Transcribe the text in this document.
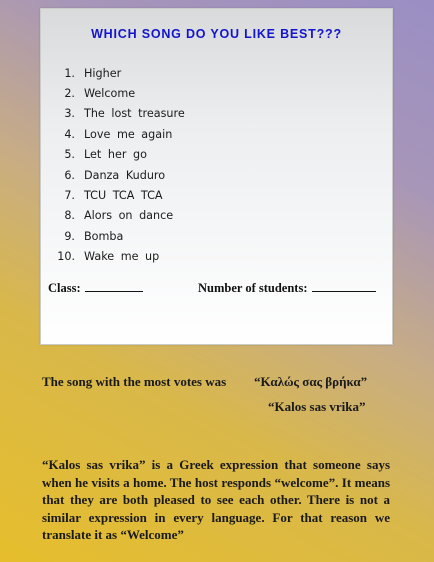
WHICH SONG DO YOU LIKE BEST???
1. Higher
2. Welcome
3. The lost treasure
4. Love me again
5. Let her go
6. Danza Kuduro
7. TCU TCA TCA
8. Alors on dance
9. Bomba
10. Wake me up
Class:	Number of students:
The song with the most votes was “Καλώς σας βρήκα”
“Kalos sas vrika”

“Kalos sas vrika” is a Greek expression that someone says when he visits a home. The host responds “welcome”. It means that they are both pleased to see each other. There is not a similar expression in every language. For that reason we translate it as “Welcome”
